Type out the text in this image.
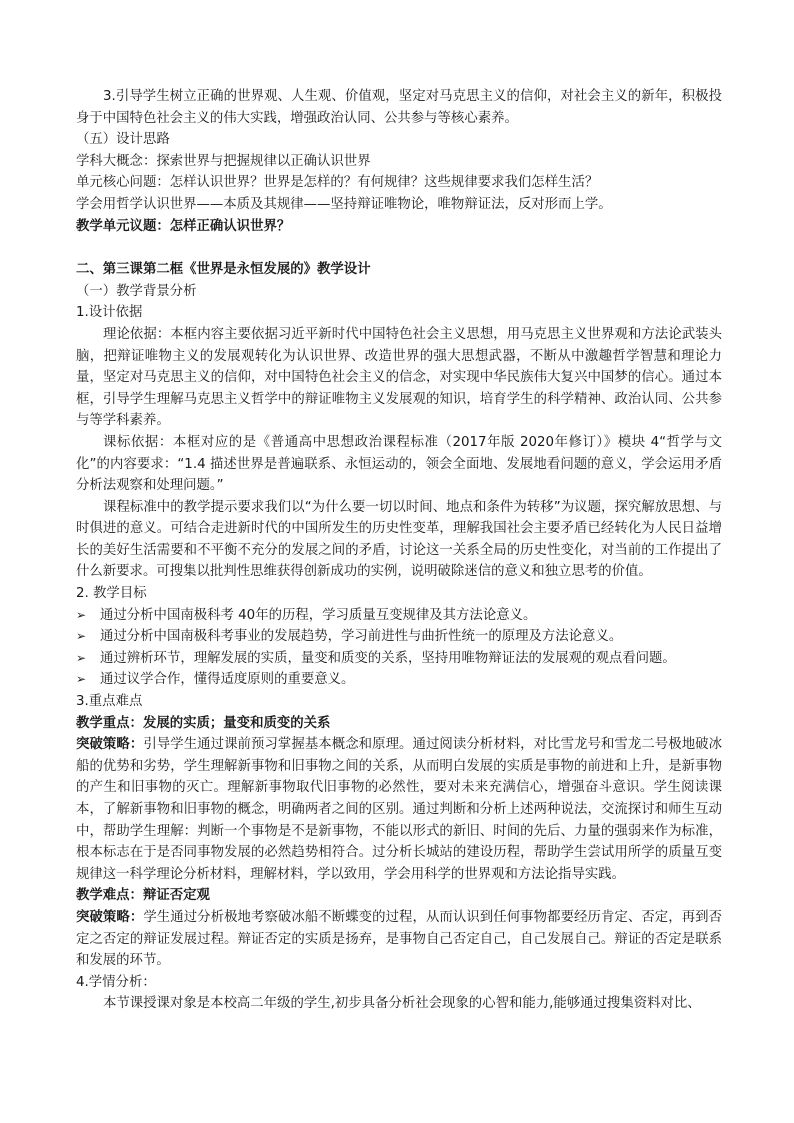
3.引导学生树立正确的世界观、人生观、价值观，坚定对马克思主义的信仰，对社会主义的新年，积极投身于中国特色社会主义的伟大实践，增强政治认同、公共参与等核心素养。

（五）设计思路

学科大概念：探索世界与把握规律以正确认识世界

单元核心问题：怎样认识世界？世界是怎样的？有何规律？这些规律要求我们怎样生活？

学会用哲学认识世界——本质及其规律——坚持辩证唯物论，唯物辩证法，反对形而上学。

教学单元议题：怎样正确认识世界？

二、第三课第二框《世界是永恒发展的》教学设计

（一）教学背景分析

1.设计依据

理论依据：本框内容主要依据习近平新时代中国特色社会主义思想，用马克思主义世界观和方法论武装头脑，把辩证唯物主义的发展观转化为认识世界、改造世界的强大思想武器，不断从中激趣哲学智慧和理论力量，坚定对马克思主义的信仰，对中国特色社会主义的信念，对实现中华民族伟大复兴中国梦的信心。通过本框，引导学生理解马克思主义哲学中的辩证唯物主义发展观的知识，培育学生的科学精神、政治认同、公共参与等学科素养。

课标依据：本框对应的是《普通高中思想政治课程标准（2017年版 2020年修订）》模块 4“哲学与文化”的内容要求：“1.4 描述世界是普遍联系、永恒运动的，领会全面地、发展地看问题的意义，学会运用矛盾分析法观察和处理问题。”

课程标准中的教学提示要求我们以“为什么要一切以时间、地点和条件为转移”为议题，探究解放思想、与时俱进的意义。可结合走进新时代的中国所发生的历史性变革，理解我国社会主要矛盾已经转化为人民日益增长的美好生活需要和不平衡不充分的发展之间的矛盾，讨论这一关系全局的历史性变化，对当前的工作提出了什么新要求。可搜集以批判性思维获得创新成功的实例，说明破除迷信的意义和独立思考的价值。

2. 教学目标

➢	通过分析中国南极科考 40年的历程，学习质量互变规律及其方法论意义。
➢	通过分析中国南极科考事业的发展趋势，学习前进性与曲折性统一的原理及方法论意义。
➢	通过辨析环节，理解发展的实质，量变和质变的关系，坚持用唯物辩证法的发展观的观点看问题。
➢	通过议学合作，懂得适度原则的重要意义。

3.重点难点

教学重点：发展的实质；量变和质变的关系

突破策略：引导学生通过课前预习掌握基本概念和原理。通过阅读分析材料，对比雪龙号和雪龙二号极地破冰船的优势和劣势，学生理解新事物和旧事物之间的关系，从而明白发展的实质是事物的前进和上升，是新事物的产生和旧事物的灭亡。理解新事物取代旧事物的必然性，要对未来充满信心，增强奋斗意识。学生阅读课本，了解新事物和旧事物的概念，明确两者之间的区别。通过判断和分析上述两种说法，交流探讨和师生互动中，帮助学生理解：判断一个事物是不是新事物，不能以形式的新旧、时间的先后、力量的强弱来作为标准，根本标志在于是否同事物发展的必然趋势相符合。过分析长城站的建设历程，帮助学生尝试用所学的质量互变规律这一科学理论分析材料，理解材料，学以致用，学会用科学的世界观和方法论指导实践。

教学难点：辩证否定观

突破策略：学生通过分析极地考察破冰船不断蝶变的过程，从而认识到任何事物都要经历肯定、否定，再到否定之否定的辩证发展过程。辩证否定的实质是扬弃，是事物自己否定自己，自己发展自己。辩证的否定是联系和发展的环节。

4.学情分析：

本节课授课对象是本校高二年级的学生,初步具备分析社会现象的心智和能力,能够通过搜集资料对比、
